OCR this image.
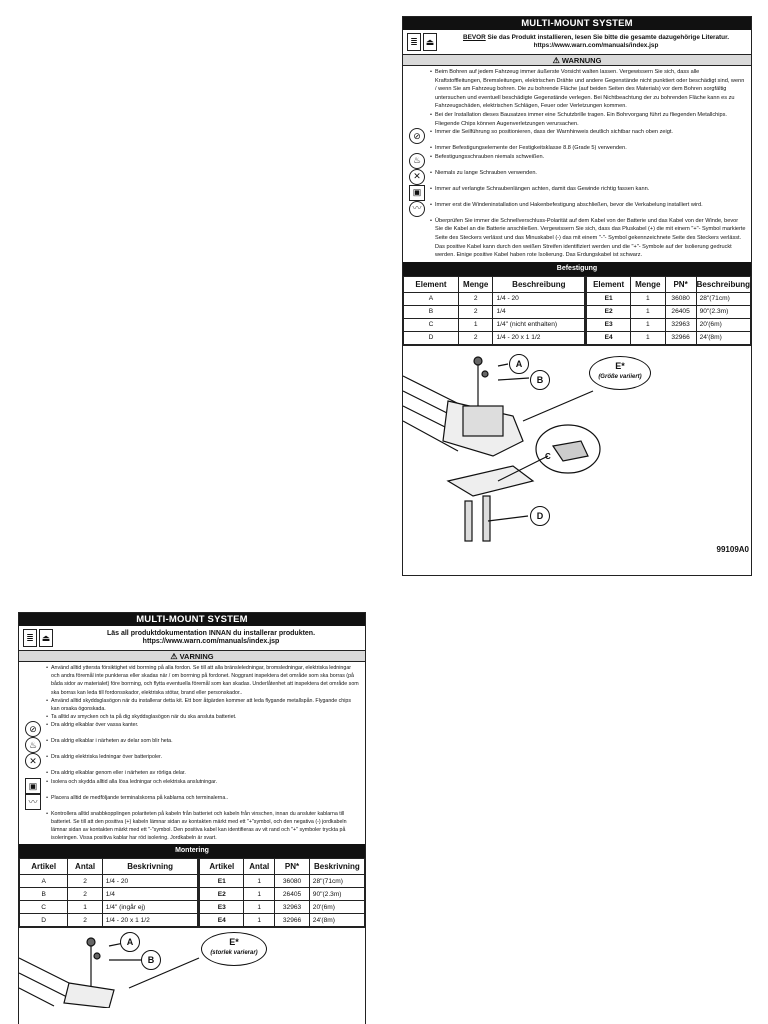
MULTI-MOUNT SYSTEM
≣ ⏏	BEVOR Sie das Produkt installieren, lesen Sie bitte die gesamte dazugehörige Literatur.
https://www.warn.com/manuals/index.jsp
⚠ WARNUNG
• Beim Bohren auf jedem Fahrzeug immer äußerste Vorsicht walten lassen. Vergewissern Sie sich, dass alle Kraftstoffleitungen, Bremsleitungen, elektrischen Drähte und andere Gegenstände nicht punktiert oder beschädigt sind, wenn / wenn Sie am Fahrzeug bohren. Die zu bohrende Fläche (auf beiden Seiten des Materials) vor dem Bohren sorgfältig untersuchen und eventuell beschädigte Gegenstände verlegen. Bei Nichtbeachtung der zu bohrenden Fläche kann es zu Fahrzeugschäden, elektrischen Schlägen, Feuer oder Verletzungen kommen.
• Bei der Installation dieses Bausatzes immer eine Schutzbrille tragen. Ein Bohrvorgang führt zu fliegenden Metallchips. Fliegende Chips können Augenverletzungen verursachen.
⊘	• Immer die Seilführung so positionieren, dass der Warnhinweis deutlich sichtbar nach oben zeigt.
• Immer Befestigungselemente der Festigkeitsklasse 8.8 (Grade 5) verwenden.
♨	• Befestigungsschrauben niemals schweißen.
✕	• Niemals zu lange Schrauben verwenden.
▣	• Immer auf verlangte Schraubenlängen achten, damit das Gewinde richtig fassen kann.
〰	• Immer erst die Windeninstallation und Hakenbefestigung abschließen, bevor die Verkabelung installiert wird.
• Überprüfen Sie immer die Schnellverschluss-Polarität auf dem Kabel von der Batterie und das Kabel von der Winde, bevor Sie die Kabel an die Batterie anschließen. Vergewissern Sie sich, dass das Pluskabel (+) die mit einem "+"- Symbol markierte Seite des Steckers verlässt und das Minuskabel (-) das mit einem "-"- Symbol gekennzeichnete Seite des Steckers verlässt. Das positive Kabel kann durch den weißen Streifen identifiziert werden und die "+"- Symbole auf der Isolierung gedruckt werden. Einige positive Kabel haben rote Isolierung. Das Erdungskabel ist schwarz.
Befestigung
Element	Menge	Beschreibung	Element	Menge	PN*	Beschreibung
A	2	1/4 - 20	E1	1	36080	28"(71cm)
B	2	1/4	E2	1	26405	90"(2.3m)
C	1	1/4" (nicht enthalten)	E3	1	32963	20'(6m)
D	2	1/4 - 20 x 1 1/2	E4	1	32966	24'(8m)
A
B
C
D
E*
(Größe variiert)
99109A0
MULTI-MOUNT SYSTEM
≣ ⏏	Läs all produktdokumentation INNAN du installerar produkten.
https://www.warn.com/manuals/index.jsp
⚠ VARNING
• Använd alltid yttersta försiktighet vid borrning på alla fordon. Se till att alla bränsleledningar, bromsledningar, elektriska ledningar och andra föremål inte punkteras eller skadas när / om borrning på fordonet. Noggrant inspektera det område som ska borras (på båda sidor av materialet) före borrning, och flytta eventuella föremål som kan skadas. Underlåtenhet att inspektera det område som ska borras kan leda till fordonsskador, elektriska stötar, brand eller personskador..
• Använd alltid skyddsglasögon när du installerar detta kit. Ett borr åtgärden kommer att leda flygande metallspån. Flygande chips kan orsaka ögonskada.
• Ta alltid av smycken och ta på dig skyddsglasögon när du ska ansluta batteriet.
⊘	• Dra aldrig elkablar över vassa kanter.
♨	• Dra aldrig elkablar i närheten av delar som blir heta.
✕	• Dra aldrig elektriska ledningar över batteripoler.
• Dra aldrig elkablar genom eller i närheten av rörliga delar.
▣	• Isolera och skydda alltid alla lösa ledningar och elektriska anslutningar.
〰	• Placera alltid de medföljande terminalskorna på kablarna och terminalerna..
• Kontrollera alltid snabbkopplingen polariteten på kabeln från batteriet och kabeln från vinschen, innan du ansluter kablarna till batteriet. Se till att den positiva (+) kabeln lämnar sidan av kontakten märkt med ett "+"symbol, och den negativa (-) jordkabeln lämnar sidan av kontakten märkt med ett "-"symbol. Den positiva kabel kan identifieras av vit rand och "+" symboler tryckta på isoleringen. Vissa positiva kablar har röd isolering. Jordkabeln är svart.
Montering
Artikel	Antal	Beskrivning	Artikel	Antal	PN*	Beskrivning
A	2	1/4 - 20	E1	1	36080	28"(71cm)
B	2	1/4	E2	1	26405	90"(2.3m)
C	1	1/4" (ingår ej)	E3	1	32963	20'(6m)
D	2	1/4 - 20 x 1 1/2	E4	1	32966	24'(8m)
A
B
E*
(storlek varierar)
